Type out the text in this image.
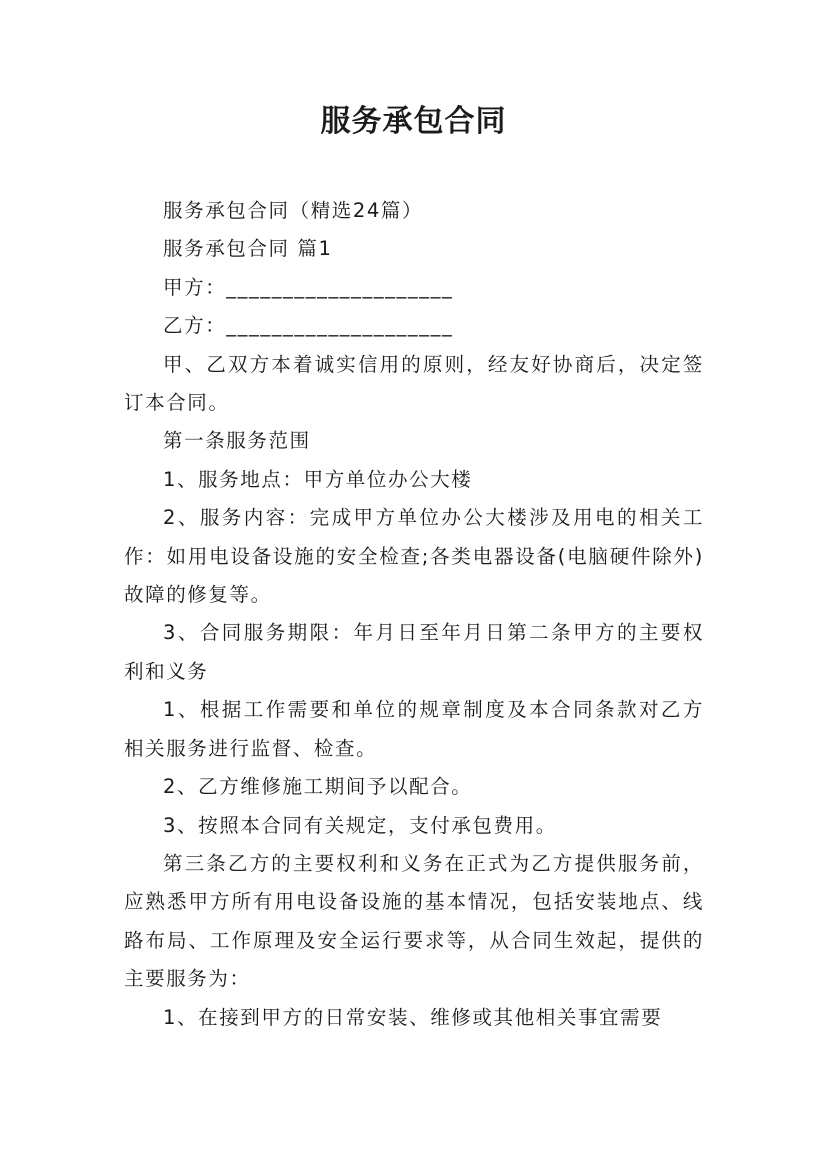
服务承包合同

服务承包合同（精选24篇）

服务承包合同 篇1

甲方：____________________

乙方：____________________

甲、乙双方本着诚实信用的原则，经友好协商后，决定签订本合同。

第一条服务范围

1、服务地点：甲方单位办公大楼

2、服务内容：完成甲方单位办公大楼涉及用电的相关工作：如用电设备设施的安全检查;各类电器设备(电脑硬件除外)故障的修复等。

3、合同服务期限：年月日至年月日第二条甲方的主要权利和义务

1、根据工作需要和单位的规章制度及本合同条款对乙方相关服务进行监督、检查。

2、乙方维修施工期间予以配合。

3、按照本合同有关规定，支付承包费用。

第三条乙方的主要权利和义务在正式为乙方提供服务前，应熟悉甲方所有用电设备设施的基本情况，包括安装地点、线路布局、工作原理及安全运行要求等，从合同生效起，提供的主要服务为：

1、在接到甲方的日常安装、维修或其他相关事宜需要
